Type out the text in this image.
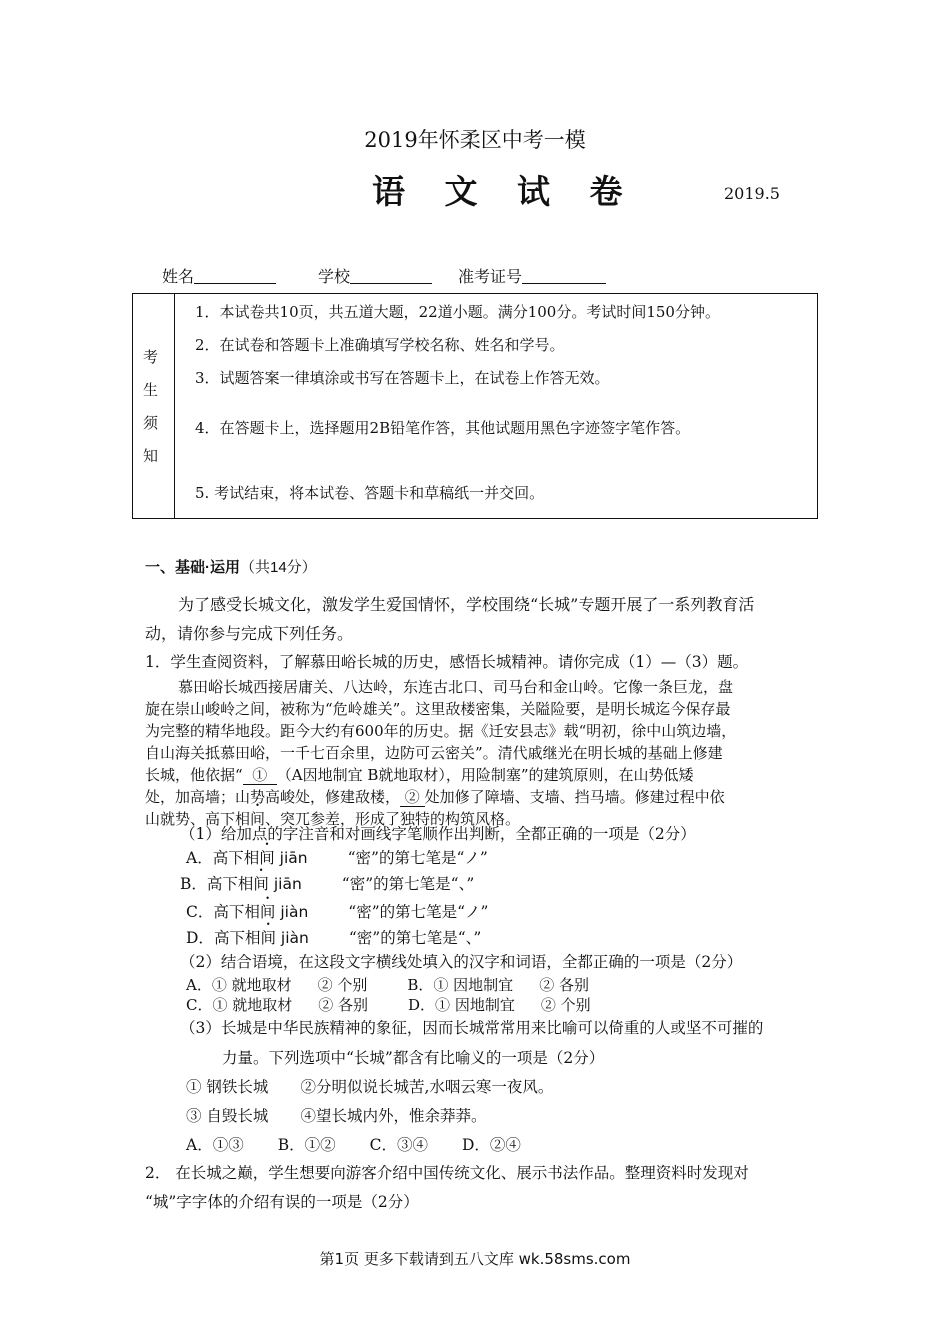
2019年怀柔区中考一模
语 文 试 卷	2019.5
姓名	学校	准考证号
考
生
须
知
1．本试卷共10页，共五道大题，22道小题。满分100分。考试时间150分钟。
2．在试卷和答题卡上准确填写学校名称、姓名和学号。
3．试题答案一律填涂或书写在答题卡上，在试卷上作答无效。
4．在答题卡上，选择题用2B铅笔作答，其他试题用黑色字迹签字笔作答。
5. 考试结束，将本试卷、答题卡和草稿纸一并交回。
一、基础·运用（共14分）
为了感受长城文化，激发学生爱国情怀，学校围绕“长城”专题开展了一系列教育活
动，请你参与完成下列任务。
1．学生查阅资料，了解慕田峪长城的历史，感悟长城精神。请你完成（1）—（3）题。
慕田峪长城西接居庸关、八达岭，东连古北口、司马台和金山岭。它像一条巨龙，盘
旋在崇山峻岭之间，被称为“危岭雄关”。这里敌楼密集，关隘险要，是明长城迄今保存最
为完整的精华地段。距今大约有600年的历史。据《迁安县志》载“明初，徐中山筑边墙，
自山海关抵慕田峪，一千七百余里，边防可云密关”。清代戚继光在明长城的基础上修建
长城，他依据“  ①  （A因地制宜 B就地取材），用险制塞”的建筑原则，在山势低矮
处，加高墙；山势高峻处，修建敌楼， ② 处加修了障墙、支墙、挡马墙。修建过程中依
山就势、高下相间 •、突兀参差，形成了独特的构筑风格。
（1）给加点的字注音和对画线字笔顺作出判断，全都正确的一项是（2分）
A．高下相间 • jiān	“密”的第七笔是“ノ”
B．高下相间 • jiān	“密”的第七笔是“、”
C．高下相间 • jiàn	“密”的第七笔是“ノ”
D．高下相间 • jiàn	“密”的第七笔是“、”
（2）结合语境，在这段文字横线处填入的汉字和词语，全都正确的一项是（2分）
A．① 就地取材 ② 个别	B．① 因地制宜 ② 各别
C．① 就地取材 ② 各别	D．① 因地制宜 ② 个别
（3）长城是中华民族精神的象征，因而长城常常用来比喻可以倚重的人或坚不可摧的
力量。下列选项中“长城”都含有比喻义的一项是（2分）
① 钢铁长城 ②分明似说长城苦,水咽云寒一夜风。
③ 自毁长城 ④望长城内外，惟余莽莽。
A．①③ B．①② C．③④ D．②④
2． 在长城之巅，学生想要向游客介绍中国传统文化、展示书法作品。整理资料时发现对
“城”字字体的介绍有误的一项是（2分）
第1页 更多下载请到五八文库 wk.58sms.com
